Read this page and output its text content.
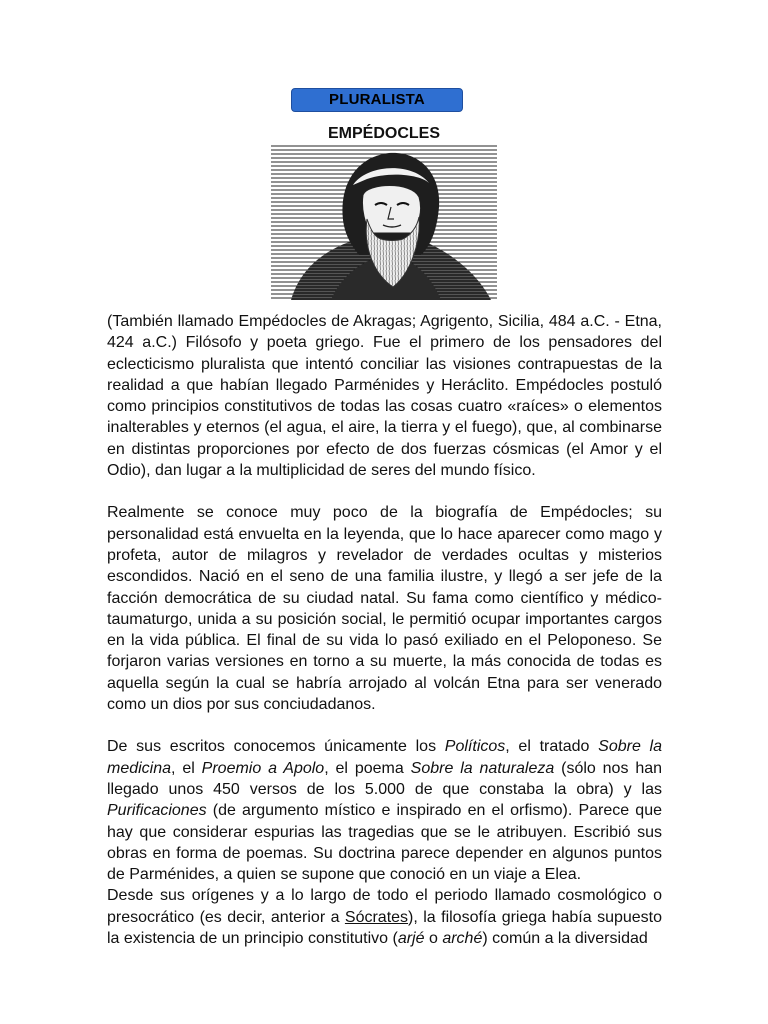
PLURALISTA
EMPÉDOCLES

(También llamado Empédocles de Akragas; Agrigento, Sicilia, 484 a.C. - Etna, 424 a.C.) Filósofo y poeta griego. Fue el primero de los pensadores del eclecticismo pluralista que intentó conciliar las visiones contrapuestas de la realidad a que habían llegado Parménides y Heráclito. Empédocles postuló como principios constitutivos de todas las cosas cuatro «raíces» o elementos inalterables y eternos (el agua, el aire, la tierra y el fuego), que, al combinarse en distintas proporciones por efecto de dos fuerzas cósmicas (el Amor y el Odio), dan lugar a la multiplicidad de seres del mundo físico.

Realmente se conoce muy poco de la biografía de Empédocles; su personalidad está envuelta en la leyenda, que lo hace aparecer como mago y profeta, autor de milagros y revelador de verdades ocultas y misterios escondidos. Nació en el seno de una familia ilustre, y llegó a ser jefe de la facción democrática de su ciudad natal. Su fama como científico y médico-taumaturgo, unida a su posición social, le permitió ocupar importantes cargos en la vida pública. El final de su vida lo pasó exiliado en el Peloponeso. Se forjaron varias versiones en torno a su muerte, la más conocida de todas es aquella según la cual se habría arrojado al volcán Etna para ser venerado como un dios por sus conciudadanos.

De sus escritos conocemos únicamente los Políticos, el tratado Sobre la medicina, el Proemio a Apolo, el poema Sobre la naturaleza (sólo nos han llegado unos 450 versos de los 5.000 de que constaba la obra) y las Purificaciones (de argumento místico e inspirado en el orfismo). Parece que hay que considerar espurias las tragedias que se le atribuyen. Escribió sus obras en forma de poemas. Su doctrina parece depender en algunos puntos de Parménides, a quien se supone que conoció en un viaje a Elea.

Desde sus orígenes y a lo largo de todo el periodo llamado cosmológico o presocrático (es decir, anterior a Sócrates), la filosofía griega había supuesto la existencia de un principio constitutivo (arjé o arché) común a la diversidad
